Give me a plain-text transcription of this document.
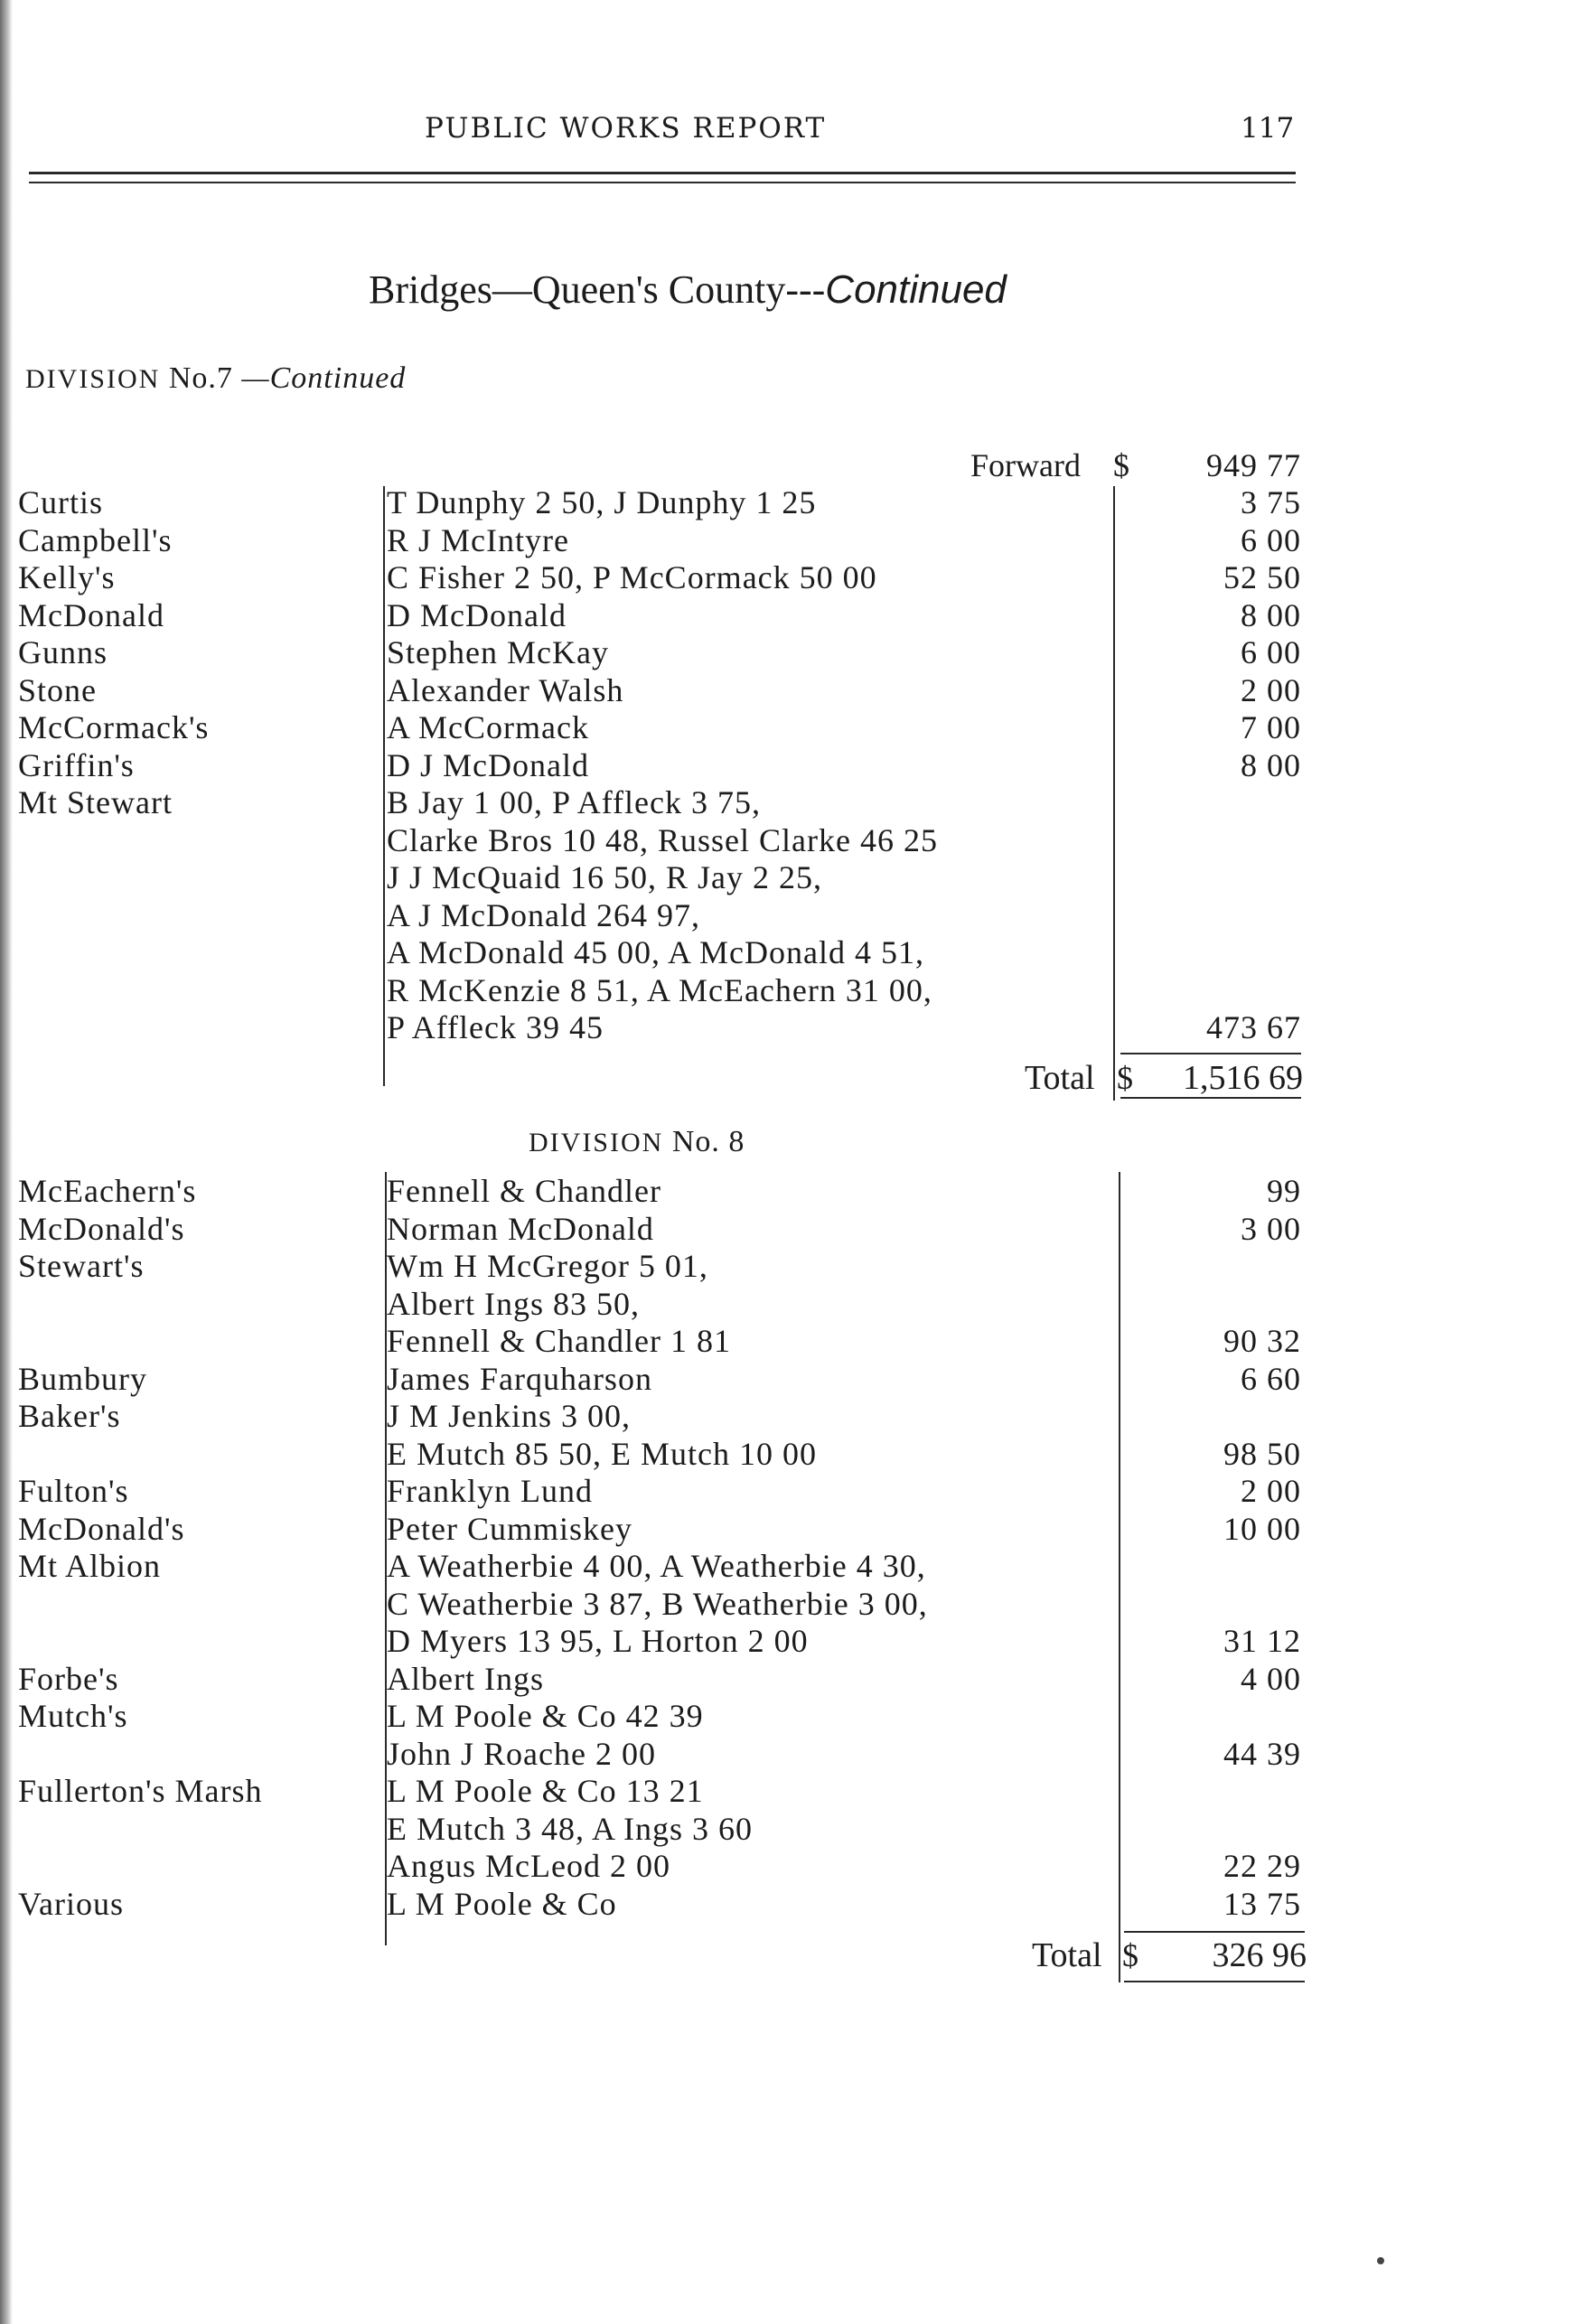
PUBLIC WORKS REPORT	117
Bridges—Queen's County---Continued
DIVISION No.7 —Continued
Forward $ 949 77
Curtis	T Dunphy 2 50, J Dunphy 1 25	3 75
Campbell's	R J McIntyre	6 00
Kelly's	C Fisher 2 50, P McCormack 50 00	52 50
McDonald	D McDonald	8 00
Gunns	Stephen McKay	6 00
Stone	Alexander Walsh	2 00
McCormack's	A McCormack	7 00
Griffin's	D J McDonald	8 00
Mt Stewart	B Jay 1 00, P Affleck 3 75,
Clarke Bros 10 48, Russel Clarke 46 25
J J McQuaid 16 50, R Jay 2 25,
A J McDonald 264 97,
A McDonald 45 00, A McDonald 4 51,
R McKenzie 8 51, A McEachern 31 00,
P Affleck 39 45	473 67
Total $ 1,516 69
DIVISION No. 8
McEachern's	Fennell & Chandler	99
McDonald's	Norman McDonald	3 00
Stewart's	Wm H McGregor 5 01,
Albert Ings 83 50,
Fennell & Chandler 1 81	90 32
Bumbury	James Farquharson	6 60
Baker's	J M Jenkins 3 00,
E Mutch 85 50, E Mutch 10 00	98 50
Fulton's	Franklyn Lund	2 00
McDonald's	Peter Cummiskey	10 00
Mt Albion	A Weatherbie 4 00, A Weatherbie 4 30,
C Weatherbie 3 87, B Weatherbie 3 00,
D Myers 13 95, L Horton 2 00	31 12
Forbe's	Albert Ings	4 00
Mutch's	L M Poole & Co 42 39
John J Roache 2 00	44 39
Fullerton's Marsh	L M Poole & Co 13 21
E Mutch 3 48, A Ings 3 60
Angus McLeod 2 00	22 29
Various	L M Poole & Co	13 75
Total $ 326 96
